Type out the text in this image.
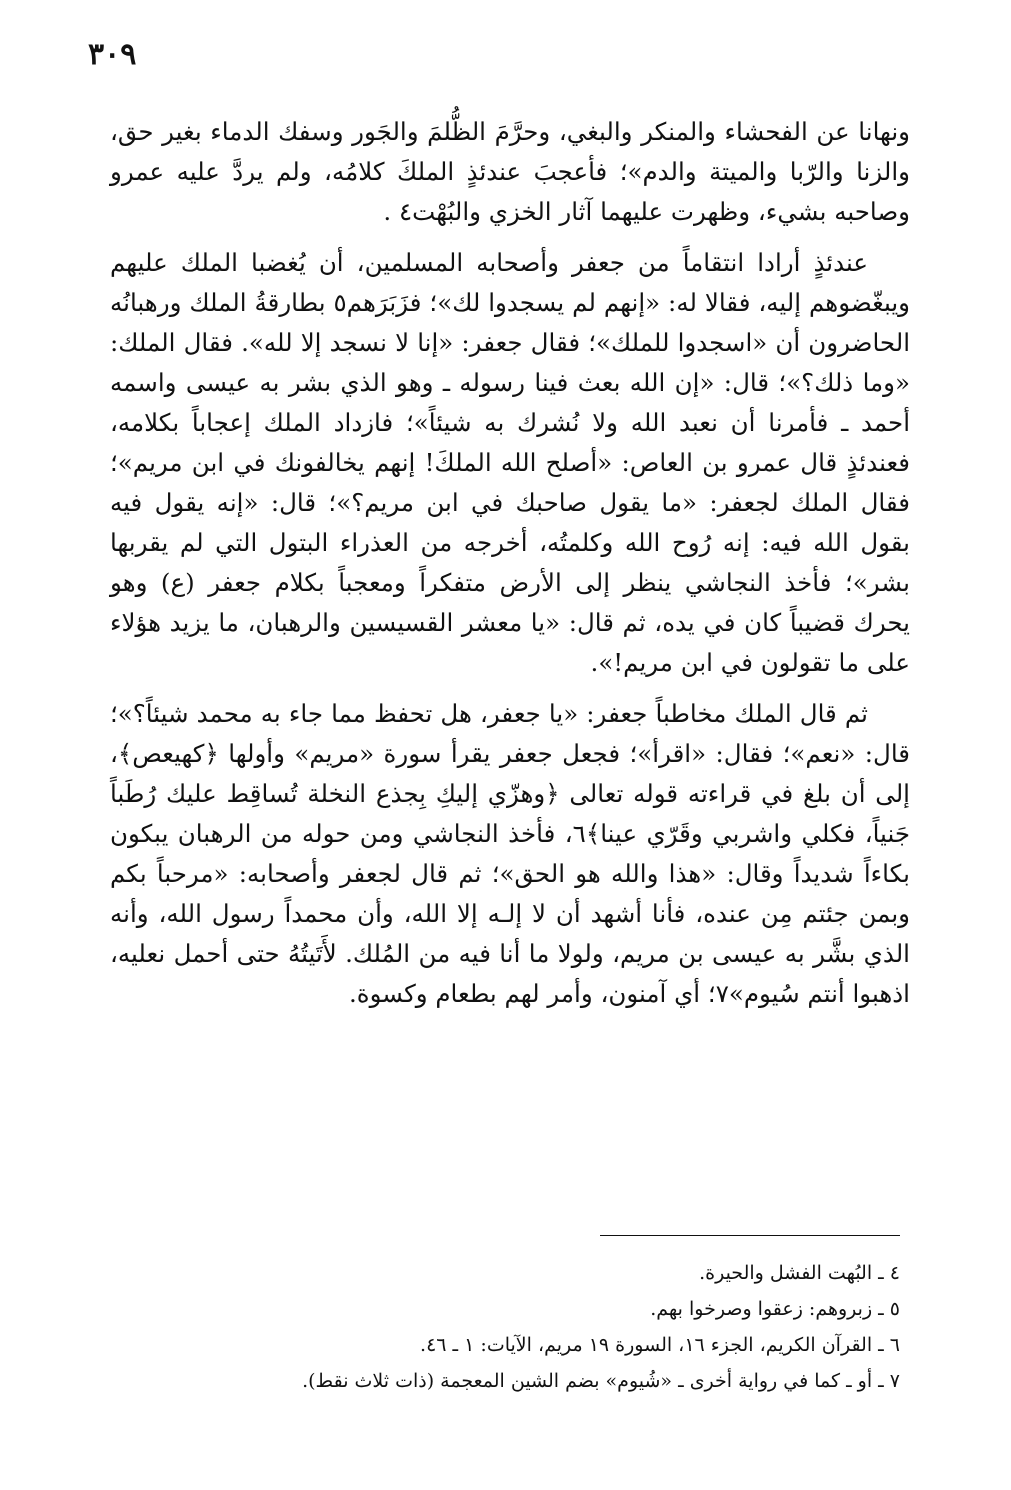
٣٠٩

ونهانا عن الفحشاء والمنكر والبغي، وحرَّمَ الظُّلمَ والجَور وسفك الدماء بغير حق، والزنا والرّبا والميتة والدم»؛ فأعجبَ عندئذٍ الملكَ كلامُه، ولم يردَّ عليه عمرو وصاحبه بشيء، وظهرت عليهما آثار الخزي والبُهْت٤ .

عندئذٍ أرادا انتقاماً من جعفر وأصحابه المسلمين، أن يُغضبا الملك عليهم ويبغّضوهم إليه، فقالا له: «إنهم لم يسجدوا لك»؛ فزَبَرَهم٥ بطارقةُ الملك ورهبانُه الحاضرون أن «اسجدوا للملك»؛ فقال جعفر: «إنا لا نسجد إلا لله». فقال الملك: «وما ذلك؟»؛ قال: «إن الله بعث فينا رسوله ـ وهو الذي بشر به عيسى واسمه أحمد ـ فأمرنا أن نعبد الله ولا نُشرك به شيئاً»؛ فازداد الملك إعجاباً بكلامه، فعندئذٍ قال عمرو بن العاص: «أصلح الله الملكَ! إنهم يخالفونك في ابن مريم»؛ فقال الملك لجعفر: «ما يقول صاحبك في ابن مريم؟»؛ قال: «إنه يقول فيه بقول الله فيه: إنه رُوح الله وكلمتُه، أخرجه من العذراء البتول التي لم يقربها بشر»؛ فأخذ النجاشي ينظر إلى الأرض متفكراً ومعجباً بكلام جعفر (ع) وهو يحرك قضيباً كان في يده، ثم قال: «يا معشر القسيسين والرهبان، ما يزيد هؤلاء على ما تقولون في ابن مريم!».

ثم قال الملك مخاطباً جعفر: «يا جعفر، هل تحفظ مما جاء به محمد شيئاً؟»؛ قال: «نعم»؛ فقال: «اقرأ»؛ فجعل جعفر يقرأ سورة «مريم» وأولها ﴿كهيعص﴾، إلى أن بلغ في قراءته قوله تعالى ﴿وهزّي إليكِ بِجذع النخلة تُساقِط عليك رُطَباً جَنياً، فكلي واشربي وقَرّي عينا﴾٦، فأخذ النجاشي ومن حوله من الرهبان يبكون بكاءاً شديداً وقال: «هذا والله هو الحق»؛ ثم قال لجعفر وأصحابه: «مرحباً بكم وبمن جئتم مِن عنده، فأنا أشهد أن لا إلـه إلا الله، وأن محمداً رسول الله، وأنه الذي بشَّر به عيسى بن مريم، ولولا ما أنا فيه من المُلك. لأَتَيتُهُ حتى أحمل نعليه، اذهبوا أنتم سُيوم»٧؛ أي آمنون، وأمر لهم بطعام وكسوة.

٤ ـ البُهت الفشل والحيرة.

٥ ـ زبروهم: زعقوا وصرخوا بهم.

٦ ـ القرآن الكريم، الجزء ١٦، السورة ١٩ مريم، الآيات: ١ ـ ٤٦.

٧ ـ أو ـ كما في رواية أخرى ـ «شُيوم» بضم الشين المعجمة (ذات ثلاث نقط).
